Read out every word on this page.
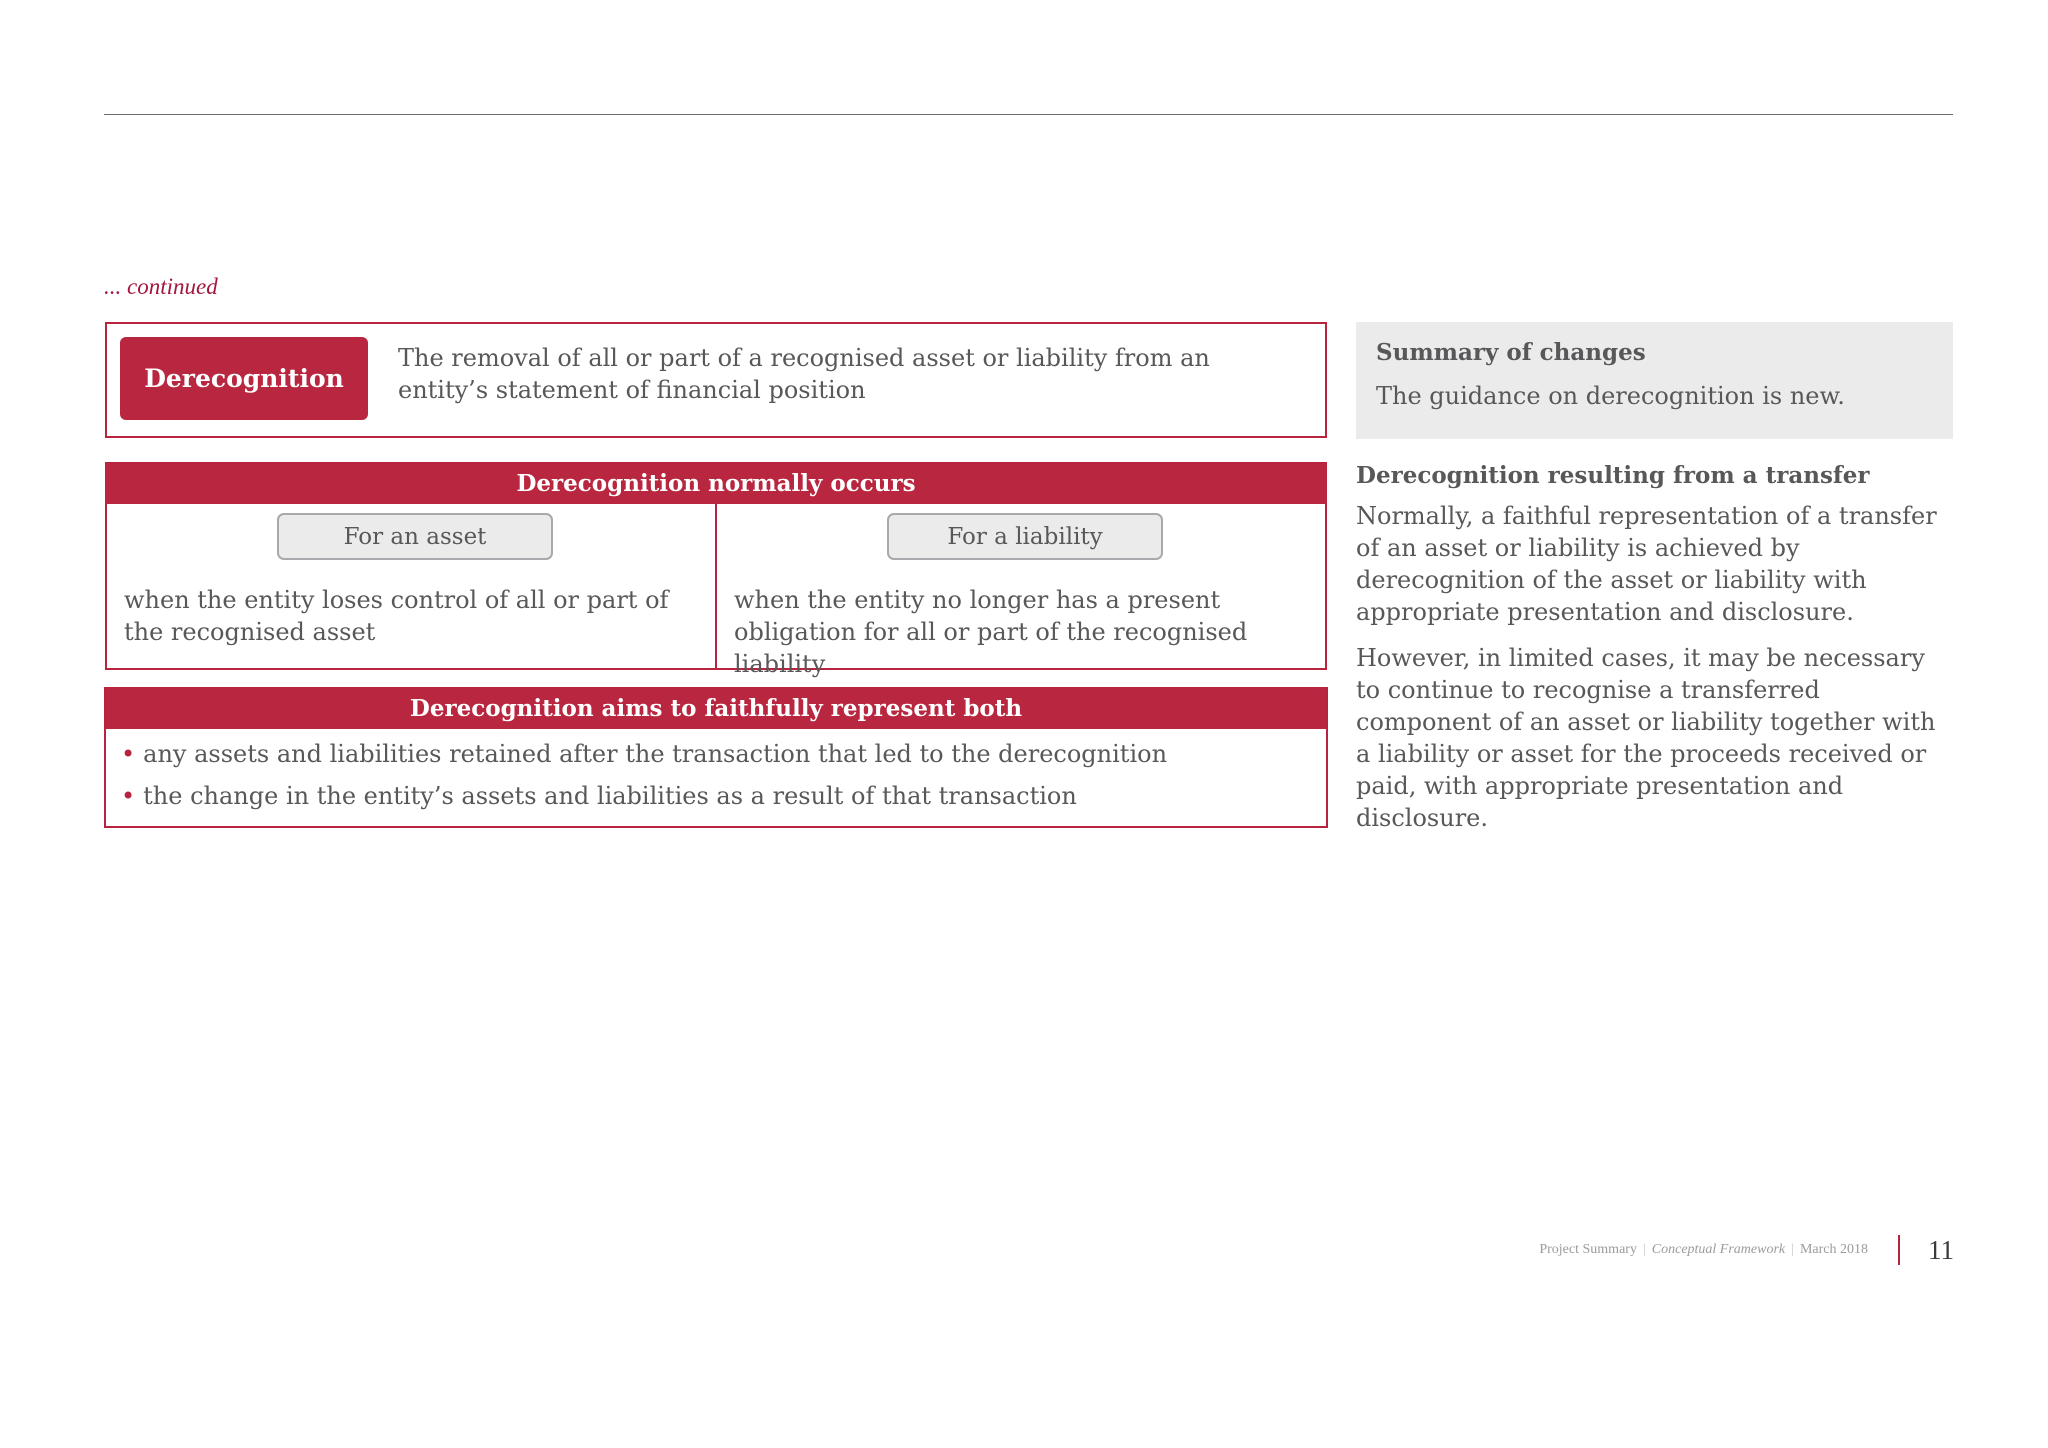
... continued
Derecognition
The removal of all or part of a recognised asset or liability from an entity’s statement of financial position
Derecognition normally occurs
For an asset
when the entity loses control of all or part of the recognised asset
For a liability
when the entity no longer has a present obligation for all or part of the recognised liability
Derecognition aims to faithfully represent both
• any assets and liabilities retained after the transaction that led to the derecognition
• the change in the entity’s assets and liabilities as a result of that transaction
Summary of changes
The guidance on derecognition is new.
Derecognition resulting from a transfer

Normally, a faithful representation of a transfer of an asset or liability is achieved by derecognition of the asset or liability with appropriate presentation and disclosure.

However, in limited cases, it may be necessary to continue to recognise a transferred component of an asset or liability together with a liability or asset for the proceeds received or paid, with appropriate presentation and disclosure.

Project Summary | Conceptual Framework | March 2018 11
